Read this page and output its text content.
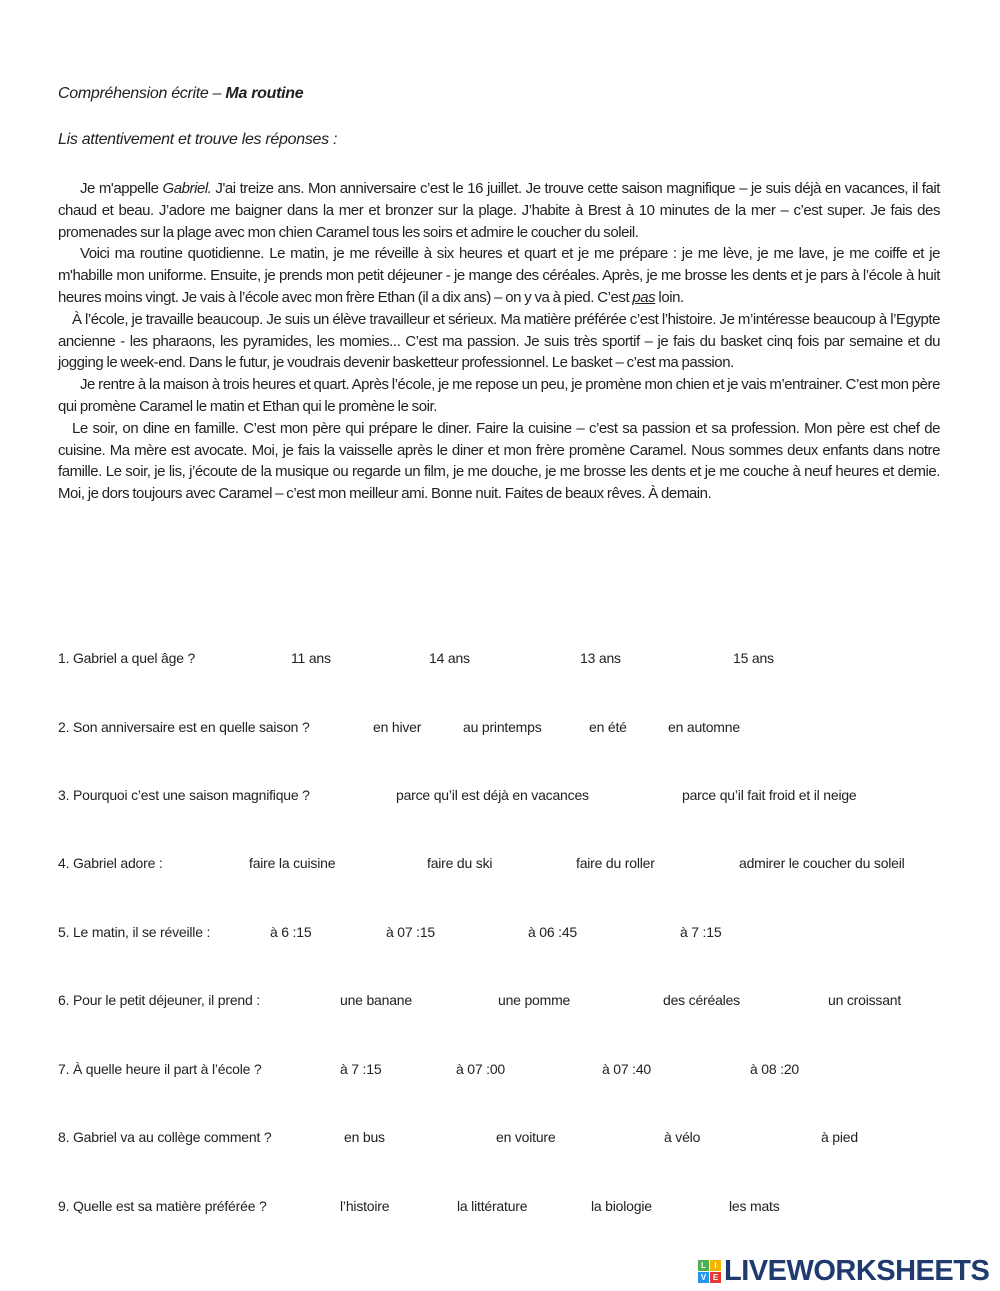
Compréhension écrite – Ma routine
Lis attentivement et trouve les réponses :

Je m'appelle Gabriel. J'ai treize ans. Mon anniversaire c’est le 16 juillet. Je trouve cette saison magnifique – je suis déjà en vacances, il fait chaud et beau. J’adore me baigner dans la mer et bronzer sur la plage. J’habite à Brest à 10 minutes de la mer – c’est super. Je fais des promenades sur la plage avec mon chien Caramel tous les soirs et admire le coucher du soleil.

Voici ma routine quotidienne. Le matin, je me réveille à six heures et quart et je me prépare : je me lève, je me lave, je me coiffe et je m'habille mon uniforme. Ensuite, je prends mon petit déjeuner - je mange des céréales. Après, je me brosse les dents et je pars à l’école à huit heures moins vingt. Je vais à l’école avec mon frère Ethan (il a dix ans) – on y va à pied. C’est pas loin.

À l’école, je travaille beaucoup. Je suis un élève travailleur et sérieux. Ma matière préférée c’est l’histoire. Je m’intéresse beaucoup à l’Egypte ancienne - les pharaons, les pyramides, les momies... C’est ma passion. Je suis très sportif – je fais du basket cinq fois par semaine et du jogging le week-end. Dans le futur, je voudrais devenir basketteur professionnel. Le basket – c’est ma passion.

Je rentre à la maison à trois heures et quart. Après l’école, je me repose un peu, je promène mon chien et je vais m’entrainer. C’est mon père qui promène Caramel le matin et Ethan qui le promène le soir.

Le soir, on dine en famille. C’est mon père qui prépare le diner. Faire la cuisine – c’est sa passion et sa profession. Mon père est chef de cuisine. Ma mère est avocate. Moi, je fais la vaisselle après le diner et mon frère promène Caramel. Nous sommes deux enfants dans notre famille. Le soir, je lis, j’écoute de la musique ou regarde un film, je me douche, je me brosse les dents et je me couche à neuf heures et demie. Moi, je dors toujours avec Caramel – c’est mon meilleur ami. Bonne nuit. Faites de beaux rêves. À demain.

1. Gabriel a quel âge ?	11 ans	14 ans	13 ans	15 ans
2. Son anniversaire est en quelle saison ?	en hiver	au printemps	en été	en automne
3. Pourquoi c’est une saison magnifique ?	parce qu’il est déjà en vacances	parce qu’il fait froid et il neige
4. Gabriel adore :	faire la cuisine	faire du ski	faire du roller	admirer le coucher du soleil
5. Le matin, il se réveille :	à 6 :15	à 07 :15	à 06 :45	à 7 :15
6. Pour le petit déjeuner, il prend :	une banane	une pomme	des céréales	un croissant
7. À quelle heure il part à l’école ?	à 7 :15	à 07 :00	à 07 :40	à 08 :20
8. Gabriel va au collège comment ?	en bus	en voiture	à vélo	à pied
9. Quelle est sa matière préférée ?	l’histoire	la littérature	la biologie	les mats
L	I
V E LIVEWORKSHEETS
